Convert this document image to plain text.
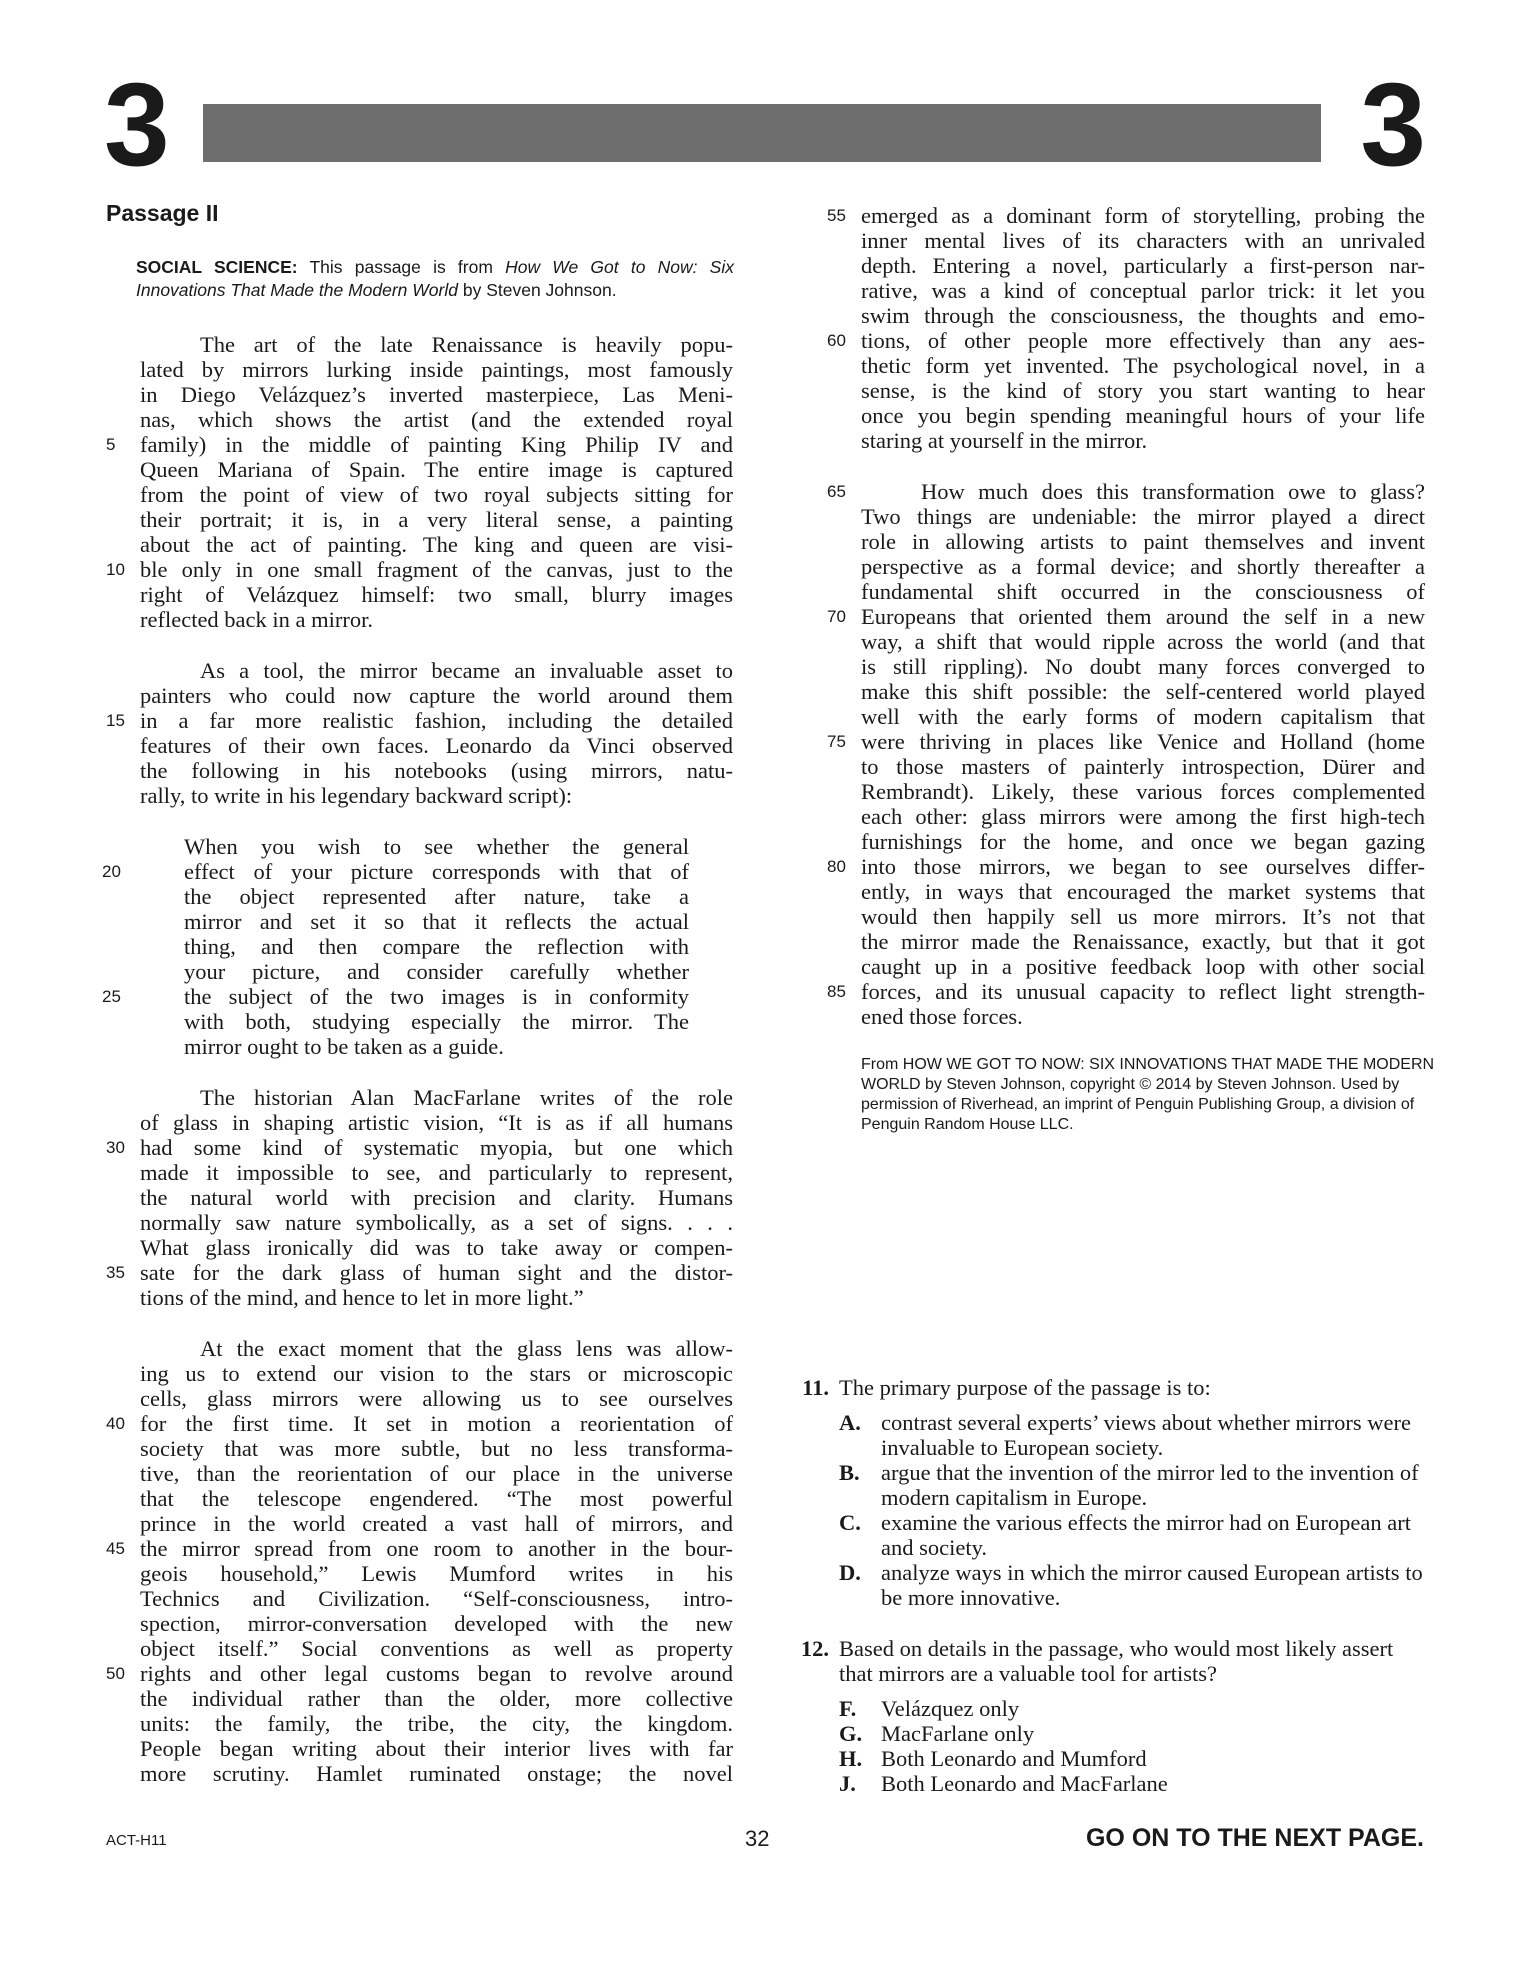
3	3
Passage II
SOCIAL SCIENCE: This passage is from How We Got to Now: Six Innovations That Made the Modern World by Steven Johnson.
The art of the late Renaissance is heavily popu-
lated by mirrors lurking inside paintings, most famously
in Diego Velázquez’s inverted masterpiece, Las Meni-
nas, which shows the artist (and the extended royal
5	family) in the middle of painting King Philip IV and
Queen Mariana of Spain. The entire image is captured
from the point of view of two royal subjects sitting for
their portrait; it is, in a very literal sense, a painting
about the act of painting. The king and queen are visi-
10 ble only in one small fragment of the canvas, just to the
right of Velázquez himself: two small, blurry images
reflected back in a mirror.
As a tool, the mirror became an invaluable asset to
painters who could now capture the world around them
15 in a far more realistic fashion, including the detailed
features of their own faces. Leonardo da Vinci observed
the following in his notebooks (using mirrors, natu-
rally, to write in his legendary backward script):
When you wish to see whether the general
20	effect of your picture corresponds with that of
the object represented after nature, take a
mirror and set it so that it reflects the actual
thing, and then compare the reflection with
your picture, and consider carefully whether
25	the subject of the two images is in conformity
with both, studying especially the mirror. The
mirror ought to be taken as a guide.
The historian Alan MacFarlane writes of the role
of glass in shaping artistic vision, “It is as if all humans
30 had some kind of systematic myopia, but one which
made it impossible to see, and particularly to represent,
the natural world with precision and clarity. Humans
normally saw nature symbolically, as a set of signs. . . .
What glass ironically did was to take away or compen-
35 sate for the dark glass of human sight and the distor-
tions of the mind, and hence to let in more light.”
At the exact moment that the glass lens was allow-
ing us to extend our vision to the stars or microscopic
cells, glass mirrors were allowing us to see ourselves
40 for the first time. It set in motion a reorientation of
society that was more subtle, but no less transforma-
tive, than the reorientation of our place in the universe
that the telescope engendered. “The most powerful
prince in the world created a vast hall of mirrors, and
45 the mirror spread from one room to another in the bour-
geois household,” Lewis Mumford writes in his
Technics and Civilization. “Self-consciousness, intro-
spection, mirror-conversation developed with the new
object itself.” Social conventions as well as property
50 rights and other legal customs began to revolve around
the individual rather than the older, more collective
units: the family, the tribe, the city, the kingdom.
People began writing about their interior lives with far
more scrutiny. Hamlet ruminated onstage; the novel
55 emerged as a dominant form of storytelling, probing the
inner mental lives of its characters with an unrivaled
depth. Entering a novel, particularly a first-person nar-
rative, was a kind of conceptual parlor trick: it let you
swim through the consciousness, the thoughts and emo-
60 tions, of other people more effectively than any aes-
thetic form yet invented. The psychological novel, in a
sense, is the kind of story you start wanting to hear
once you begin spending meaningful hours of your life
staring at yourself in the mirror.
65	How much does this transformation owe to glass?
Two things are undeniable: the mirror played a direct
role in allowing artists to paint themselves and invent
perspective as a formal device; and shortly thereafter a
fundamental shift occurred in the consciousness of
70 Europeans that oriented them around the self in a new
way, a shift that would ripple across the world (and that
is still rippling). No doubt many forces converged to
make this shift possible: the self-centered world played
well with the early forms of modern capitalism that
75 were thriving in places like Venice and Holland (home
to those masters of painterly introspection, Dürer and
Rembrandt). Likely, these various forces complemented
each other: glass mirrors were among the first high-tech
furnishings for the home, and once we began gazing
80 into those mirrors, we began to see ourselves differ-
ently, in ways that encouraged the market systems that
would then happily sell us more mirrors. It’s not that
the mirror made the Renaissance, exactly, but that it got
caught up in a positive feedback loop with other social
85 forces, and its unusual capacity to reflect light strength-
ened those forces.
From HOW WE GOT TO NOW: SIX INNOVATIONS THAT MADE THE MODERN WORLD by Steven Johnson, copyright © 2014 by Steven Johnson. Used by permission of Riverhead, an imprint of Penguin Publishing Group, a division of Penguin Random House LLC.
11. The primary purpose of the passage is to:
A. contrast several experts’ views about whether mirrors were invaluable to European society.
B. argue that the invention of the mirror led to the invention of modern capitalism in Europe.
C. examine the various effects the mirror had on European art and society.
D. analyze ways in which the mirror caused European artists to be more innovative.
12. Based on details in the passage, who would most likely assert that mirrors are a valuable tool for artists?
F.	Velázquez only
G. MacFarlane only
H. Both Leonardo and Mumford
J.	Both Leonardo and MacFarlane
ACT-H11	32	GO ON TO THE NEXT PAGE.
